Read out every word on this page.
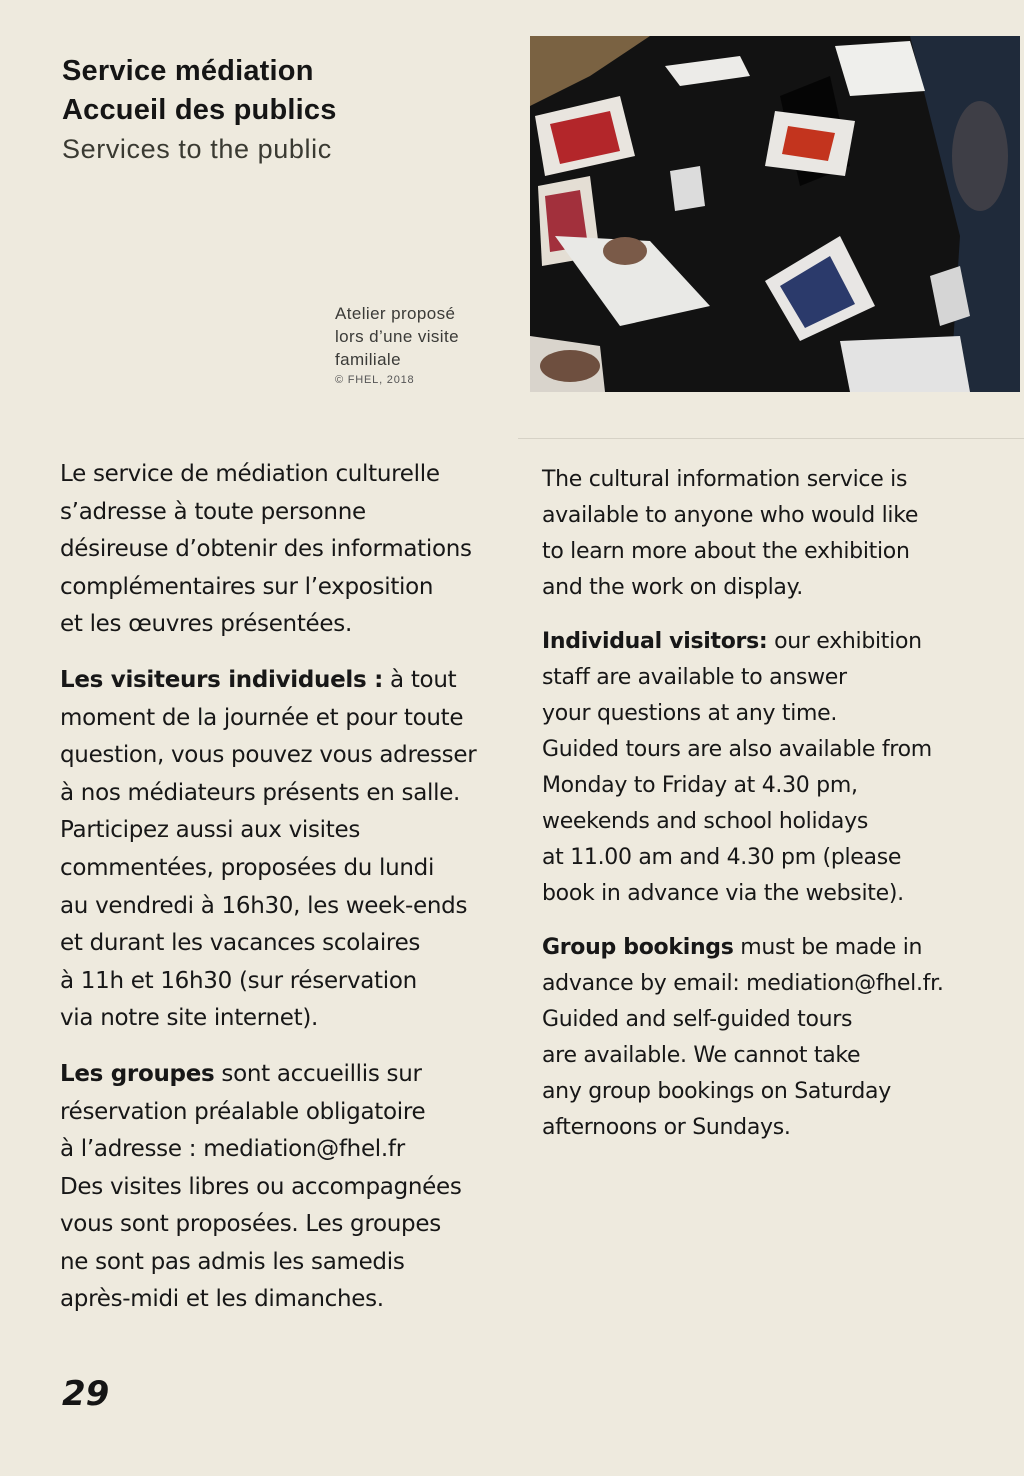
Service médiation

Accueil des publics

Services to the public

Atelier proposé
lors d’une visite
familiale
© FHEL, 2018

Le service de médiation culturelle
s’adresse à toute personne
désireuse d’obtenir des informations
complémentaires sur l’exposition
et les œuvres présentées.

Les visiteurs individuels : à tout
moment de la journée et pour toute
question, vous pouvez vous adresser
à nos médiateurs présents en salle.
Participez aussi aux visites
commentées, proposées du lundi
au vendredi à 16h30, les week-ends
et durant les vacances scolaires
à 11h et 16h30 (sur réservation
via notre site internet).

Les groupes sont accueillis sur
réservation préalable obligatoire
à l’adresse : mediation@fhel.fr
Des visites libres ou accompagnées
vous sont proposées. Les groupes
ne sont pas admis les samedis
après-midi et les dimanches.

The cultural information service is
available to anyone who would like
to learn more about the exhibition
and the work on display.

Individual visitors: our exhibition
staff are available to answer
your questions at any time.
Guided tours are also available from
Monday to Friday at 4.30 pm,
weekends and school holidays
at 11.00 am and 4.30 pm (please
book in advance via the website).

Group bookings must be made in
advance by email: mediation@fhel.fr.
Guided and self-guided tours
are available. We cannot take
any group bookings on Saturday
afternoons or Sundays.

29
